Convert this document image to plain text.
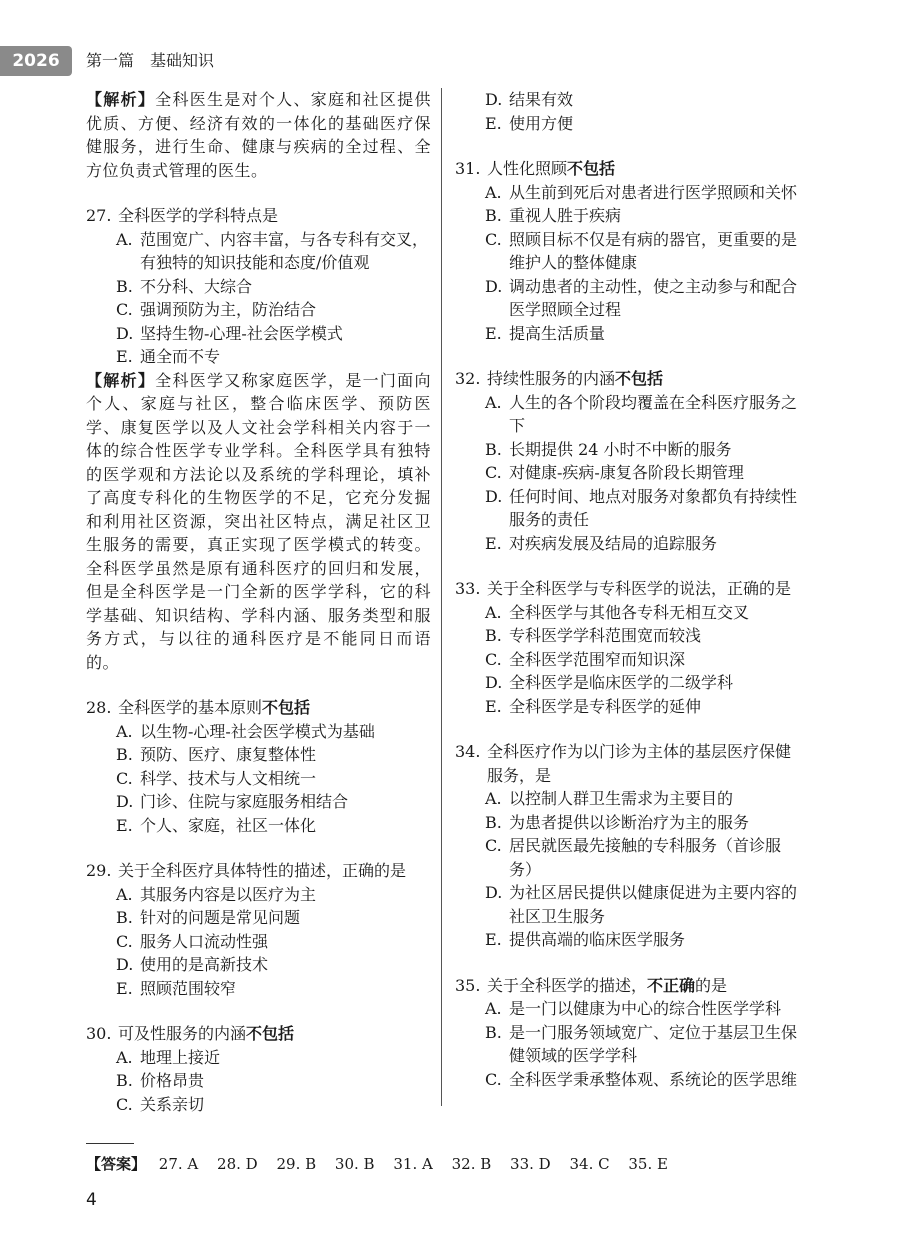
2026	第一篇　基础知识

【解析】全科医生是对个人、家庭和社区提供优质、方便、经济有效的一体化的基础医疗保健服务，进行生命、健康与疾病的全过程、全方位负责式管理的医生。

27. 全科医学的学科特点是
A. 范围宽广、内容丰富，与各专科有交叉，有独特的知识技能和态度/价值观
B. 不分科、大综合
C. 强调预防为主，防治结合
D. 坚持生物-心理-社会医学模式
E. 通全而不专

【解析】全科医学又称家庭医学，是一门面向个人、家庭与社区，整合临床医学、预防医学、康复医学以及人文社会学科相关内容于一体的综合性医学专业学科。全科医学具有独特的医学观和方法论以及系统的学科理论，填补了高度专科化的生物医学的不足，它充分发掘和利用社区资源，突出社区特点，满足社区卫生服务的需要，真正实现了医学模式的转变。全科医学虽然是原有通科医疗的回归和发展，但是全科医学是一门全新的医学学科，它的科学基础、知识结构、学科内涵、服务类型和服务方式，与以往的通科医疗是不能同日而语的。

28. 全科医学的基本原则不包括
A. 以生物-心理-社会医学模式为基础
B. 预防、医疗、康复整体性
C. 科学、技术与人文相统一
D. 门诊、住院与家庭服务相结合
E. 个人、家庭，社区一体化
29. 关于全科医疗具体特性的描述，正确的是
A. 其服务内容是以医疗为主
B. 针对的问题是常见问题
C. 服务人口流动性强
D. 使用的是高新技术
E. 照顾范围较窄
30. 可及性服务的内涵不包括
A. 地理上接近
B. 价格昂贵
C. 关系亲切
D. 结果有效
E. 使用方便
31. 人性化照顾不包括
A. 从生前到死后对患者进行医学照顾和关怀
B. 重视人胜于疾病
C. 照顾目标不仅是有病的器官，更重要的是维护人的整体健康
D. 调动患者的主动性，使之主动参与和配合医学照顾全过程
E. 提高生活质量
32. 持续性服务的内涵不包括
A. 人生的各个阶段均覆盖在全科医疗服务之下
B. 长期提供 24 小时不中断的服务
C. 对健康-疾病-康复各阶段长期管理
D. 任何时间、地点对服务对象都负有持续性服务的责任
E. 对疾病发展及结局的追踪服务
33. 关于全科医学与专科医学的说法，正确的是
A. 全科医学与其他各专科无相互交叉
B. 专科医学学科范围宽而较浅
C. 全科医学范围窄而知识深
D. 全科医学是临床医学的二级学科
E. 全科医学是专科医学的延伸
34. 全科医疗作为以门诊为主体的基层医疗保健服务，是
A. 以控制人群卫生需求为主要目的
B. 为患者提供以诊断治疗为主的服务
C. 居民就医最先接触的专科服务（首诊服务）
D. 为社区居民提供以健康促进为主要内容的社区卫生服务
E. 提供高端的临床医学服务
35. 关于全科医学的描述，不正确的是
A. 是一门以健康为中心的综合性医学学科
B. 是一门服务领域宽广、定位于基层卫生保健领域的医学学科
C. 全科医学秉承整体观、系统论的医学思维
【答案】 27. A 28. D 29. B 30. B 31. A 32. B 33. D 34. C 35. E
4
